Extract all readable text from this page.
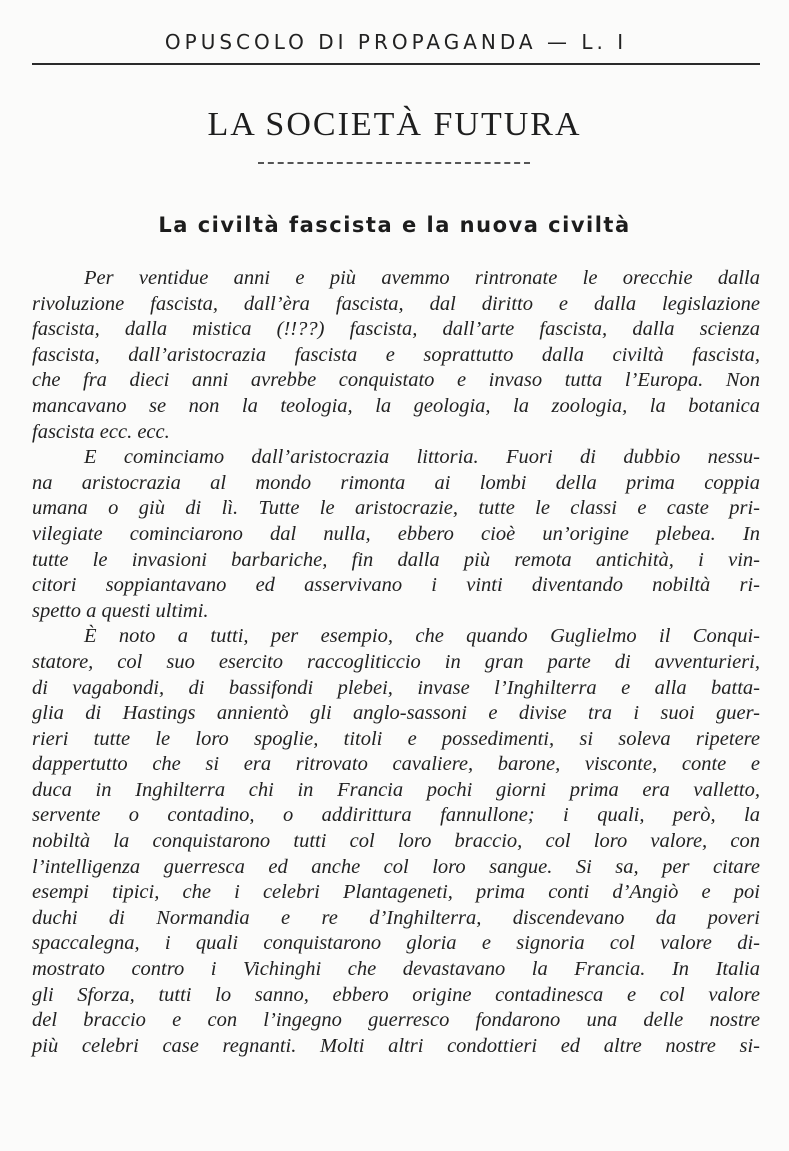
OPUSCOLO DI PROPAGANDA — L. I
LA SOCIETÀ FUTURA
La civiltà fascista e la nuova civiltà
Per ventidue anni e più avemmo rintronate le orecchie dalla
rivoluzione fascista, dall’èra fascista, dal diritto e dalla legislazione
fascista, dalla mistica (!!??) fascista, dall’arte fascista, dalla scienza
fascista, dall’aristocrazia fascista e soprattutto dalla civiltà fascista,
che fra dieci anni avrebbe conquistato e invaso tutta l’Europa. Non
mancavano se non la teologia, la geologia, la zoologia, la botanica
fascista ecc. ecc.
E cominciamo dall’aristocrazia littoria. Fuori di dubbio nessu-
na aristocrazia al mondo rimonta ai lombi della prima coppia
umana o giù di lì. Tutte le aristocrazie, tutte le classi e caste pri-
vilegiate cominciarono dal nulla, ebbero cioè un’origine plebea. In
tutte le invasioni barbariche, fin dalla più remota antichità, i vin-
citori soppiantavano ed asservivano i vinti diventando nobiltà ri-
spetto a questi ultimi.
È noto a tutti, per esempio, che quando Guglielmo il Conqui-
statore, col suo esercito raccogliticcio in gran parte di avventurieri,
di vagabondi, di bassifondi plebei, invase l’Inghilterra e alla batta-
glia di Hastings annientò gli anglo-sassoni e divise tra i suoi guer-
rieri tutte le loro spoglie, titoli e possedimenti, si soleva ripetere
dappertutto che si era ritrovato cavaliere, barone, visconte, conte e
duca in Inghilterra chi in Francia pochi giorni prima era valletto,
servente o contadino, o addirittura fannullone; i quali, però, la
nobiltà la conquistarono tutti col loro braccio, col loro valore, con
l’intelligenza guerresca ed anche col loro sangue. Si sa, per citare
esempi tipici, che i celebri Plantageneti, prima conti d’Angiò e poi
duchi di Normandia e re d’Inghilterra, discendevano da poveri
spaccalegna, i quali conquistarono gloria e signoria col valore di-
mostrato contro i Vichinghi che devastavano la Francia. In Italia
gli Sforza, tutti lo sanno, ebbero origine contadinesca e col valore
del braccio e con l’ingegno guerresco fondarono una delle nostre
più celebri case regnanti. Molti altri condottieri ed altre nostre si-
